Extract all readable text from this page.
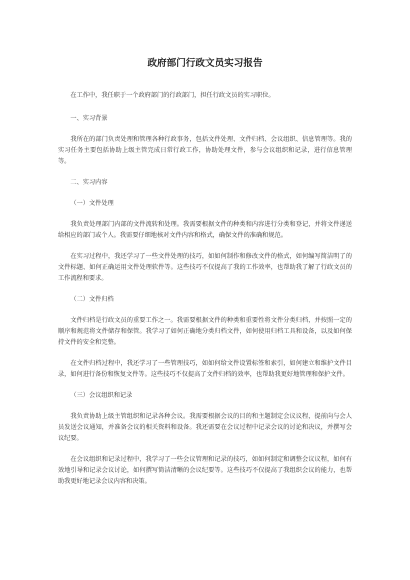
政府部门行政文员实习报告

在工作中，我任职于一个政府部门的行政部门，担任行政文员的实习职位。

一、实习背景

我所在的部门负责处理和管理各种行政事务，包括文件处理、文件归档、会议组织、信息管理等。我的实习任务主要包括协助上级主管完成日常行政工作，协助处理文件，参与会议组织和记录，进行信息管理等。

二、实习内容

（一）文件处理

我负责处理部门内部的文件流转和处理。我需要根据文件的种类和内容进行分类和登记，并将文件递送给相应的部门或个人。我需要仔细地核对文件内容和格式，确保文件的准确和规范。

在实习过程中，我还学习了一些文件处理的技巧，如如何制作和修改文件的格式，如何编写简洁明了的文件标题、如何正确运用文件处理软件等。这些技巧不仅提高了我的工作效率，也帮助我了解了行政文员的工作流程和要求。

（二）文件归档

文件归档是行政文员的重要工作之一。我需要根据文件的种类和重要性将文件分类归档，并按照一定的顺序和规范将文件储存和保管。我学习了如何正确地分类归档文件，如何使用归档工具和设备，以及如何保持文件的安全和完整。

在文件归档过程中，我还学习了一些管理技巧，如如何给文件设置标签和索引，如何建立和维护文件目录，如何进行备份和恢复文件等。这些技巧不仅提高了文件归档的效率，也帮助我更好地管理和保护文件。

（三）会议组织和记录

我负责协助上级主管组织和记录各种会议。我需要根据会议的目的和主题制定会议议程，提前向与会人员发送会议通知，并准备会议的相关资料和设备。我还需要在会议过程中记录会议的讨论和决议，并撰写会议纪要。

在会议组织和记录过程中，我学习了一些会议管理和记录的技巧，如如何制定和调整会议议程，如何有效地引导和记录会议讨论，如何撰写简洁清晰的会议纪要等。这些技巧不仅提高了我组织会议的能力，也帮助我更好地记录会议内容和决策。
